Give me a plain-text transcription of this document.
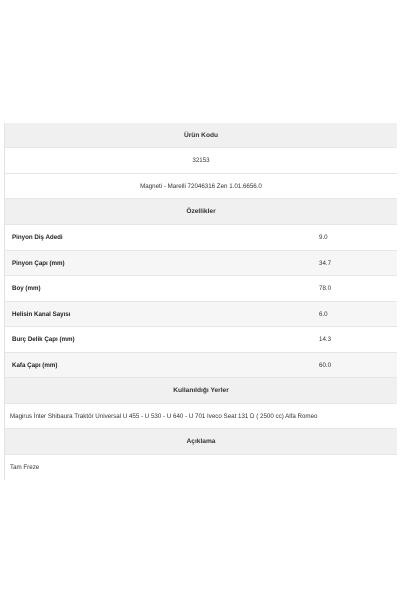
Ürün Kodu
32153
Magneti - Marelli 72046316 Zen 1.01.6656.0
Özellikler
Pinyon Diş Adedi	9.0
Pinyon Çapı (mm)	34.7
Boy (mm)	78.0
Helisin Kanal Sayısı	6.0
Burç Delik Çapı (mm)	14.3
Kafa Çapı (mm)	60.0
Kullanıldığı Yerler
Magirus İnter Shibaura Traktör Universal U 455 - U 530 - U 640 - U 701 Iveco Seat 131 D ( 2500 cc) Alfa Romeo
Açıklama
Tam Freze
